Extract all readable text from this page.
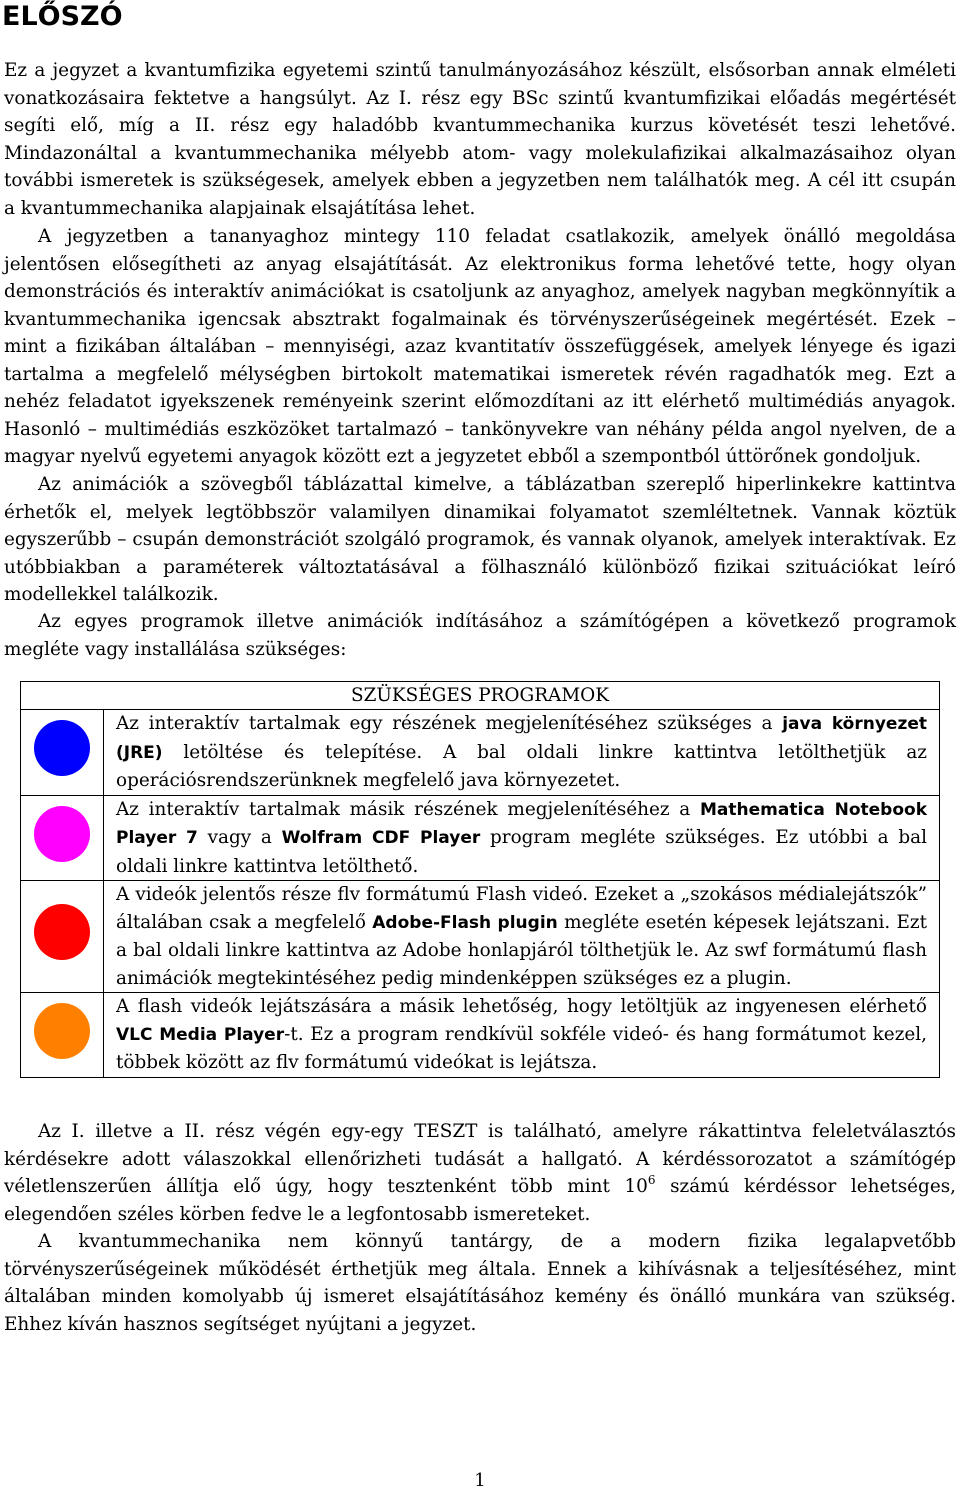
ELŐSZÓ

Ez a jegyzet a kvantumfizika egyetemi szintű tanulmányozásához készült, elsősorban annak elméleti vonatkozásaira fektetve a hangsúlyt. Az I. rész egy BSc szintű kvantumfizikai előadás megértését segíti elő, míg a II. rész egy haladóbb kvantummechanika kurzus követését teszi lehetővé. Mindazonáltal a kvantummechanika mélyebb atom- vagy molekulafizikai alkalmazásaihoz olyan további ismeretek is szükségesek, amelyek ebben a jegyzetben nem találhatók meg. A cél itt csupán a kvantummechanika alapjainak elsajátítása lehet.

A jegyzetben a tananyaghoz mintegy 110 feladat csatlakozik, amelyek önálló megoldása jelentősen elősegítheti az anyag elsajátítását. Az elektronikus forma lehetővé tette, hogy olyan demonstrációs és interaktív animációkat is csatoljunk az anyaghoz, amelyek nagyban megkönnyítik a kvantummechanika igencsak absztrakt fogalmainak és törvényszerűségeinek megértését. Ezek – mint a fizikában általában – mennyiségi, azaz kvantitatív összefüggések, amelyek lényege és igazi tartalma a megfelelő mélységben birtokolt matematikai ismeretek révén ragadhatók meg. Ezt a nehéz feladatot igyekszenek reményeink szerint előmozdítani az itt elérhető multimédiás anyagok. Hasonló – multimédiás eszközöket tartalmazó – tankönyvekre van néhány példa angol nyelven, de a magyar nyelvű egyetemi anyagok között ezt a jegyzetet ebből a szempontból úttörőnek gondoljuk.

Az animációk a szövegből táblázattal kimelve, a táblázatban szereplő hiperlinkekre kattintva érhetők el, melyek legtöbbször valamilyen dinamikai folyamatot szemléltetnek. Vannak köztük egyszerűbb – csupán demonstrációt szolgáló programok, és vannak olyanok, amelyek interaktívak. Ez utóbbiakban a paraméterek változtatásával a fölhasználó különböző fizikai szituációkat leíró modellekkel találkozik.

Az egyes programok illetve animációk indításához a számítógépen a következő programok megléte vagy installálása szükséges:

SZÜKSÉGES PROGRAMOK	
	Az interaktív tartalmak egy részének megjelenítéséhez szükséges a java környezet (JRE) letöltése és telepítése. A bal oldali linkre kattintva letölthetjük az operációsrendszerünknek megfelelő java környezetet.
	Az interaktív tartalmak másik részének megjelenítéséhez a Mathematica Notebook Player 7 vagy a Wolfram CDF Player program megléte szükséges. Ez utóbbi a bal oldali linkre kattintva letölthető.
	A videók jelentős része flv formátumú Flash videó. Ezeket a „szokásos médialejátszók” általában csak a megfelelő Adobe-Flash plugin megléte esetén képesek lejátszani. Ezt a bal oldali linkre kattintva az Adobe honlapjáról tölthetjük le. Az swf formátumú flash animációk megtekintéséhez pedig mindenképpen szükséges ez a plugin.
	A flash videók lejátszására a másik lehetőség, hogy letöltjük az ingyenesen elérhető VLC Media Player-t. Ez a program rendkívül sokféle videó- és hang formátumot kezel, többek között az flv formátumú videókat is lejátsza.

Az I. illetve a II. rész végén egy-egy TESZT is található, amelyre rákattintva feleletválasztós kérdésekre adott válaszokkal ellenőrizheti tudását a hallgató. A kérdéssorozatot a számítógép véletlenszerűen állítja elő úgy, hogy tesztenként több mint $10^6$ számú kérdéssor lehetséges, elegendően széles körben fedve le a legfontosabb ismereteket.

A kvantummechanika nem könnyű tantárgy, de a modern fizika legalapvetőbb törvényszerűségeinek működését érthetjük meg általa. Ennek a kihívásnak a teljesítéséhez, mint általában minden komolyabb új ismeret elsajátításához kemény és önálló munkára van szükség. Ehhez kíván hasznos segítséget nyújtani a jegyzet.

1
